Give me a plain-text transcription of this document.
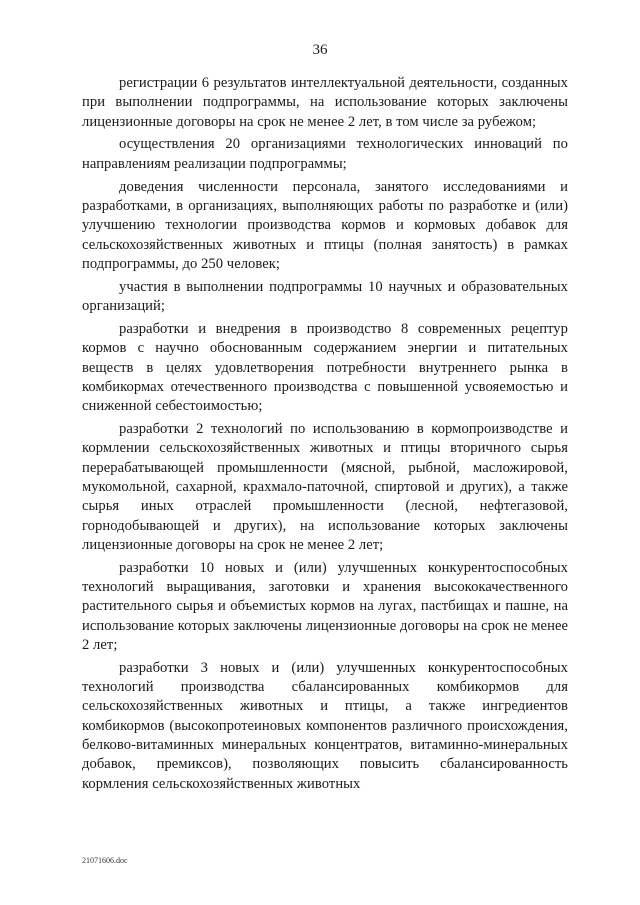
36

регистрации 6 результатов интеллектуальной деятельности, созданных при выполнении подпрограммы, на использование которых заключены лицензионные договоры на срок не менее 2 лет, в том числе за рубежом;

осуществления 20 организациями технологических инноваций по направлениям реализации подпрограммы;

доведения численности персонала, занятого исследованиями и разработками, в организациях, выполняющих работы по разработке и (или) улучшению технологии производства кормов и кормовых добавок для сельскохозяйственных животных и птицы (полная занятость) в рамках подпрограммы, до 250 человек;

участия в выполнении подпрограммы 10 научных и образовательных организаций;

разработки и внедрения в производство 8 современных рецептур кормов с научно обоснованным содержанием энергии и питательных веществ в целях удовлетворения потребности внутреннего рынка в комбикормах отечественного производства с повышенной усвояемостью и сниженной себестоимостью;

разработки 2 технологий по использованию в кормопроизводстве и кормлении сельскохозяйственных животных и птицы вторичного сырья перерабатывающей промышленности (мясной, рыбной, масложировой, мукомольной, сахарной, крахмало-паточной, спиртовой и других), а также сырья иных отраслей промышленности (лесной, нефтегазовой, горнодобывающей и других), на использование которых заключены лицензионные договоры на срок не менее 2 лет;

разработки 10 новых и (или) улучшенных конкурентоспособных технологий выращивания, заготовки и хранения высококачественного растительного сырья и объемистых кормов на лугах, пастбищах и пашне, на использование которых заключены лицензионные договоры на срок не менее 2 лет;

разработки 3 новых и (или) улучшенных конкурентоспособных технологий производства сбалансированных комбикормов для сельскохозяйственных животных и птицы, а также ингредиентов комбикормов (высокопротеиновых компонентов различного происхождения, белково-витаминных минеральных концентратов, витаминно-минеральных добавок, премиксов), позволяющих повысить сбалансированность кормления сельскохозяйственных животных

21071606.doc
